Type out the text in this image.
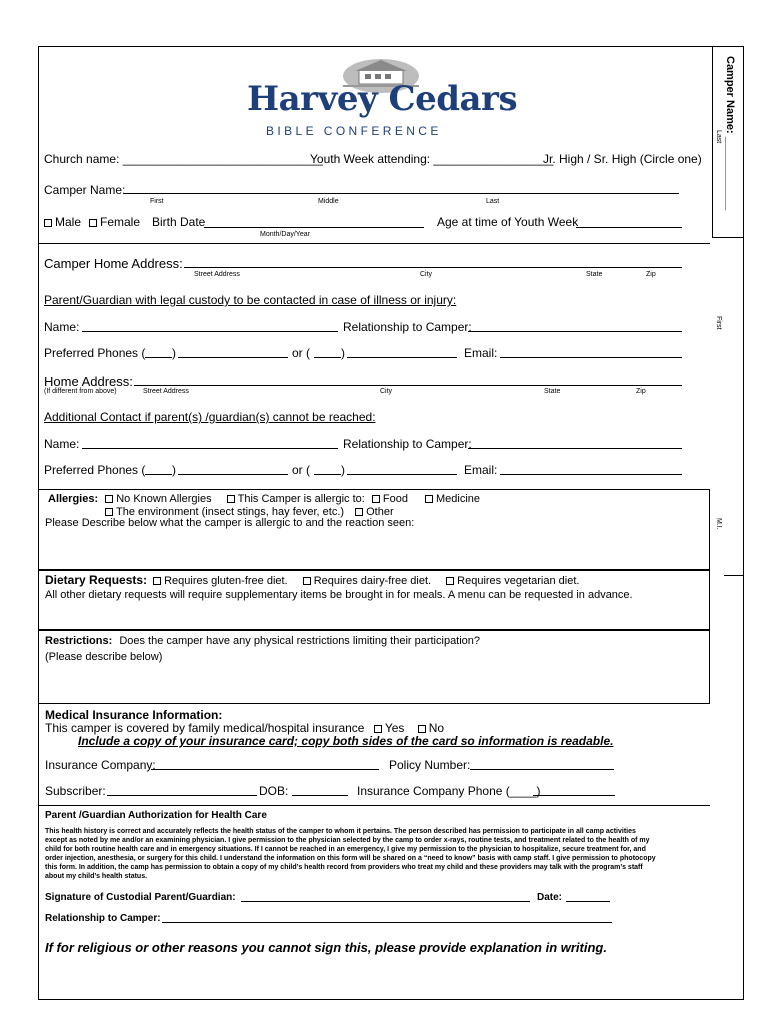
Harvey Cedars
BIBLE CONFERENCE	Camper Name: ____________
Last
First
M.I.
Church name: ______________________________
Youth Week attending: __________________
Jr. High / Sr. High (Circle one)
Camper Name:
First	Middle	Last
Male	Female Birth Date
Month/Day/Year
Age at time of Youth Week
Camper Home Address:
Street Address	City	State	Zip
Parent/Guardian with legal custody to be contacted in case of illness or injury:
Name:	Relationship to Camper:
Preferred Phones ( )	or (	)	Email:
Home Address:
(If different from above)	Street Address	City	State	Zip
Additional Contact if parent(s) /guardian(s) cannot be reached:
Name:	Relationship to Camper:
Preferred Phones ( )	or (	)	Email:
Allergies: No Known Allergies This Camper is allergic to: Food	Medicine
The environment (insect stings, hay fever, etc.) Other
Please Describe below what the camper is allergic to and the reaction seen:
Dietary Requests: Requires gluten-free diet. Requires dairy-free diet. Requires vegetarian diet.
All other dietary requests will require supplementary items be brought in for meals. A menu can be requested in advance.
Restrictions: Does the camper have any physical restrictions limiting their participation?
(Please describe below)
Medical Insurance Information:
This camper is covered by family medical/hospital insurance Yes No
Include a copy of your insurance card; copy both sides of the card so information is readable.
Insurance Company:	Policy Number:
Subscriber:	DOB:	Insurance Company Phone (____)
Parent /Guardian Authorization for Health Care
This health history is correct and accurately reflects the health status of the camper to whom it pertains. The person described has permission to participate in all camp activities
except as noted by me and/or an examining physician. I give permission to the physician selected by the camp to order x-rays, routine tests, and treatment related to the health of my
child for both routine health care and in emergency situations. If I cannot be reached in an emergency, I give my permission to the physician to hospitalize, secure treatment for, and
order injection, anesthesia, or surgery for this child. I understand the information on this form will be shared on a “need to know” basis with camp staff. I give permission to photocopy
this form. In addition, the camp has permission to obtain a copy of my child’s health record from providers who treat my child and these providers may talk with the program’s staff
about my child’s health status.
Signature of Custodial Parent/Guardian:	Date:
Relationship to Camper:
If for religious or other reasons you cannot sign this, please provide explanation in writing.
